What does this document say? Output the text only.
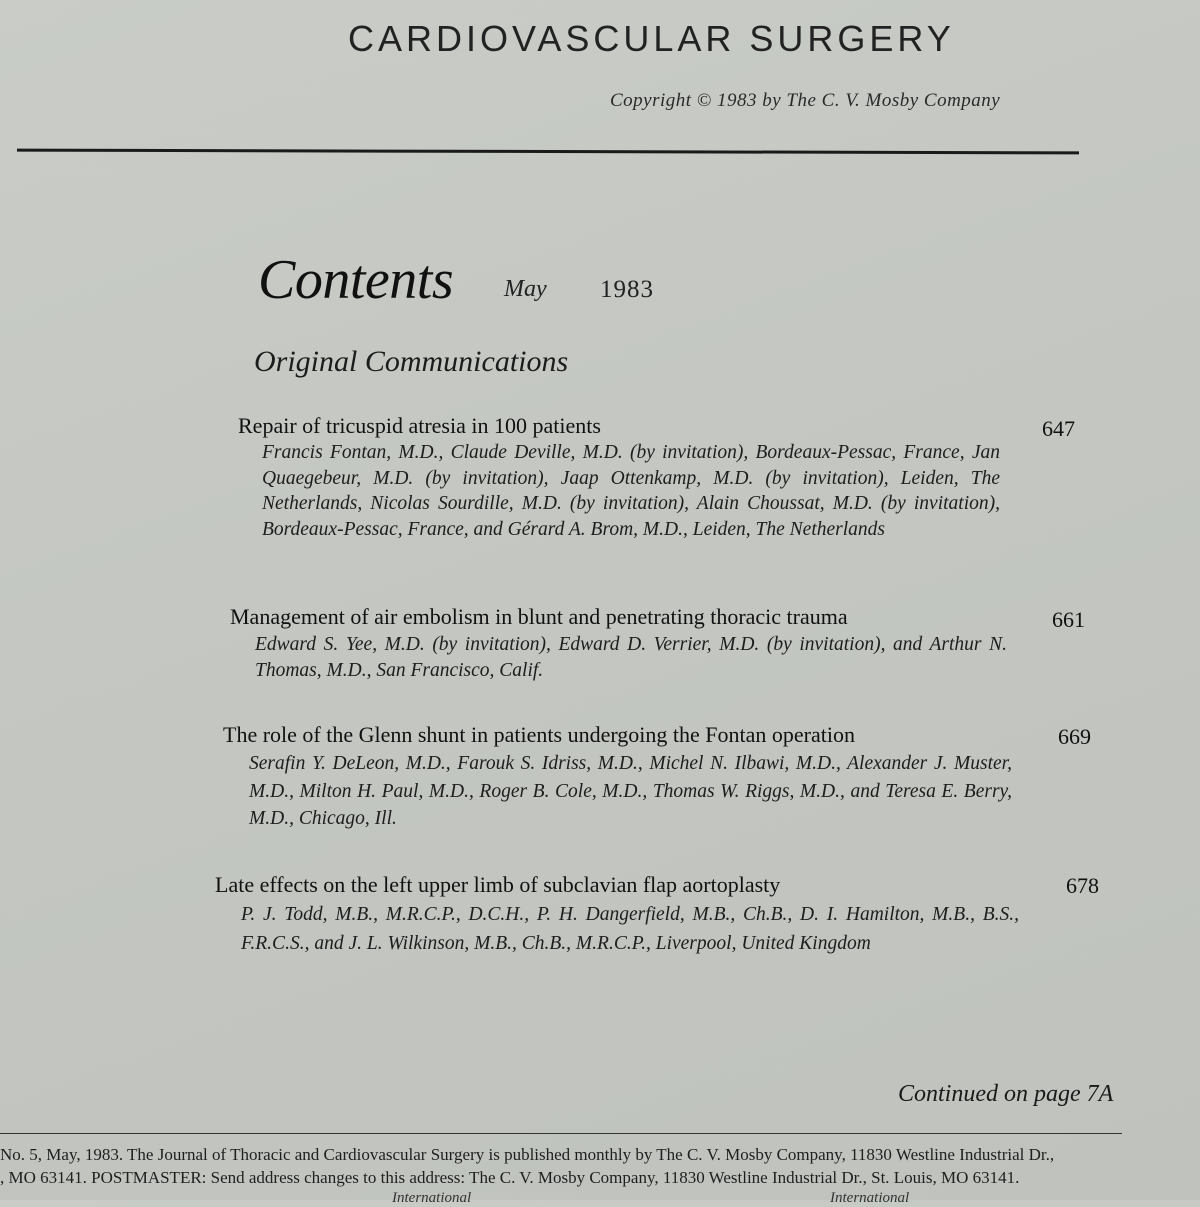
CARDIOVASCULAR SURGERY
Copyright © 1983 by The C. V. Mosby Company
Contents May 1983
Original Communications
Repair of tricuspid atresia in 100 patients	647
Francis Fontan, M.D., Claude Deville, M.D. (by invitation), Bordeaux-Pessac, France, Jan Quaegebeur, M.D. (by invitation), Jaap Ottenkamp, M.D. (by invitation), Leiden, The Netherlands, Nicolas Sourdille, M.D. (by invitation), Alain Choussat, M.D. (by invitation), Bordeaux-Pessac, France, and Gérard A. Brom, M.D., Leiden, The Netherlands
Management of air embolism in blunt and penetrating thoracic trauma	661
Edward S. Yee, M.D. (by invitation), Edward D. Verrier, M.D. (by invitation), and Arthur N. Thomas, M.D., San Francisco, Calif.
The role of the Glenn shunt in patients undergoing the Fontan operation	669
Serafin Y. DeLeon, M.D., Farouk S. Idriss, M.D., Michel N. Ilbawi, M.D., Alexander J. Muster, M.D., Milton H. Paul, M.D., Roger B. Cole, M.D., Thomas W. Riggs, M.D., and Teresa E. Berry, M.D., Chicago, Ill.
Late effects on the left upper limb of subclavian flap aortoplasty	678
P. J. Todd, M.B., M.R.C.P., D.C.H., P. H. Dangerfield, M.B., Ch.B., D. I. Hamilton, M.B., B.S., F.R.C.S., and J. L. Wilkinson, M.B., Ch.B., M.R.C.P., Liverpool, United Kingdom
Continued on page 7A
No. 5, May, 1983. The Journal of Thoracic and Cardiovascular Surgery is published monthly by The C. V. Mosby Company, 11830 Westline Industrial Dr.,
, MO 63141. POSTMASTER: Send address changes to this address: The C. V. Mosby Company, 11830 Westline Industrial Dr., St. Louis, MO 63141.
International	International
